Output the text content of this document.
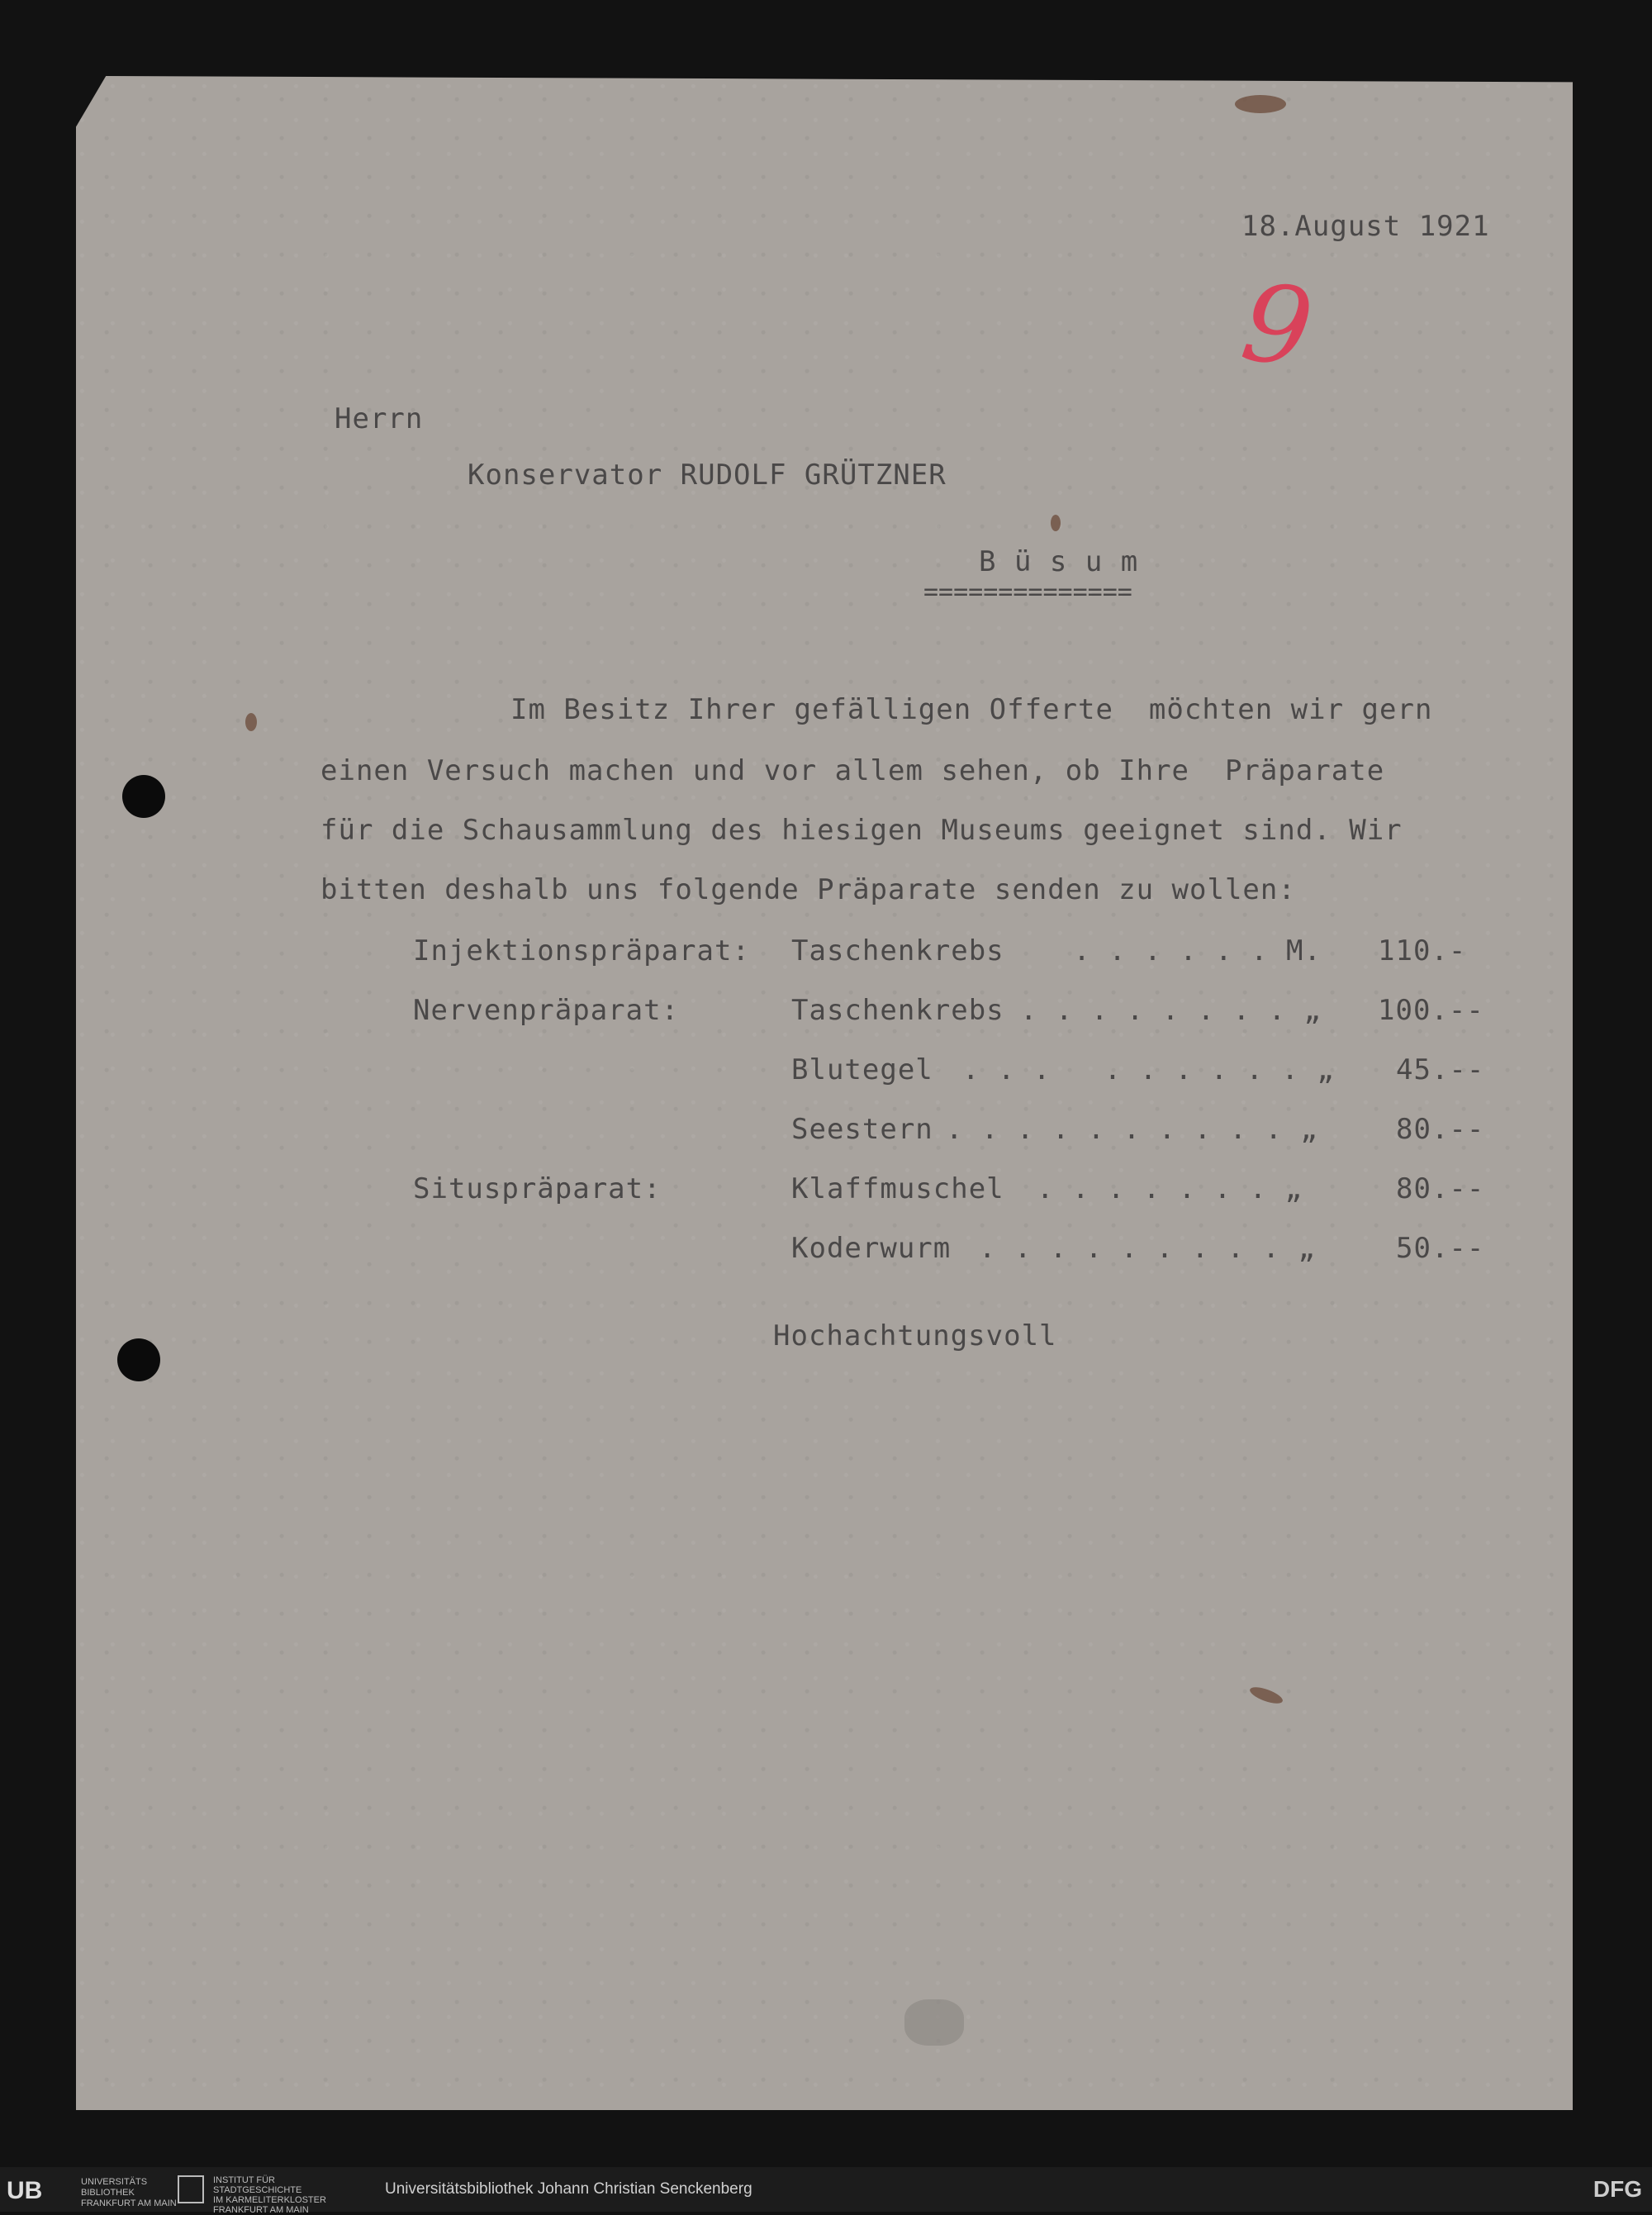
18.August 1921
9
Herrn
Konservator RUDOLF GRÜTZNER
B ü s u m
==============
Im Besitz Ihrer gefälligen Offerte  möchten wir gern
einen Versuch machen und vor allem sehen, ob Ihre  Präparate
für die Schausammlung des hiesigen Museums geeignet sind. Wir
bitten deshalb uns folgende Präparate senden zu wollen:
Injektionspräparat: Taschenkrebs . . . . . . M. 110.-
Nervenpräparat:	Taschenkrebs . . . . . . . . „ 100.--
Blutegel . . .   . . . . . . „ 45.--
Seestern . . . . . . . . . . „	80.--
Situspräparat:	Klaffmuschel . . . . . . . „	80.--
Koderwurm . . . . . . . . . „	50.--
Hochachtungsvoll
UB	UNIVERSITÄTS
BIBLIOTHEK
FRANKFURT AM MAIN
INSTITUT FÜR
STADTGESCHICHTE
IM KARMELITERKLOSTER
FRANKFURT AM MAIN
Universitätsbibliothek Johann Christian Senckenberg	DFG
